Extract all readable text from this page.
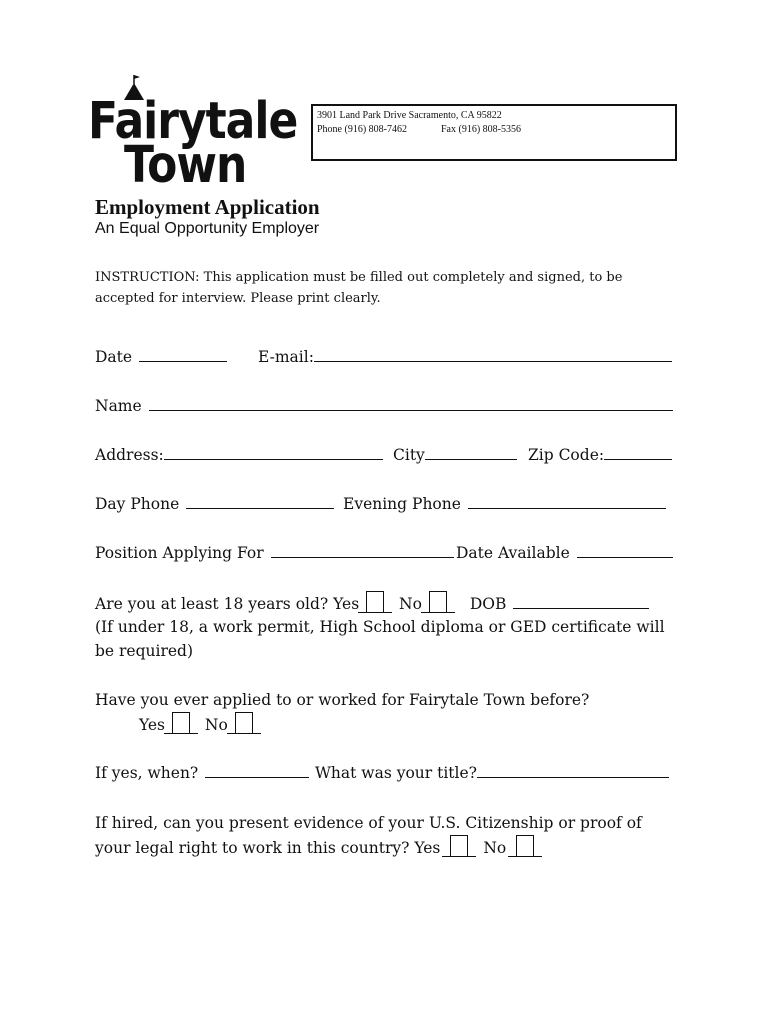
Fairytale
Town
3901 Land Park Drive Sacramento, CA 95822
Phone (916) 808-7462	Fax (916) 808-5356
Employment Application
An Equal Opportunity Employer
INSTRUCTION: This application must be filled out completely and signed, to be accepted for interview. Please print clearly.
Date	E-mail:
Name
Address:	City	Zip Code:
Day Phone	Evening Phone
Position Applying For	Date Available
Are you at least 18 years old? Yes	No	DOB
(If under 18, a work permit, High School diploma or GED certificate will
be required)
Have you ever applied to or worked for Fairytale Town before?
Yes	No
If yes, when?	What was your title?
If hired, can you present evidence of your U.S. Citizenship or proof of
your legal right to work in this country? Yes	No
